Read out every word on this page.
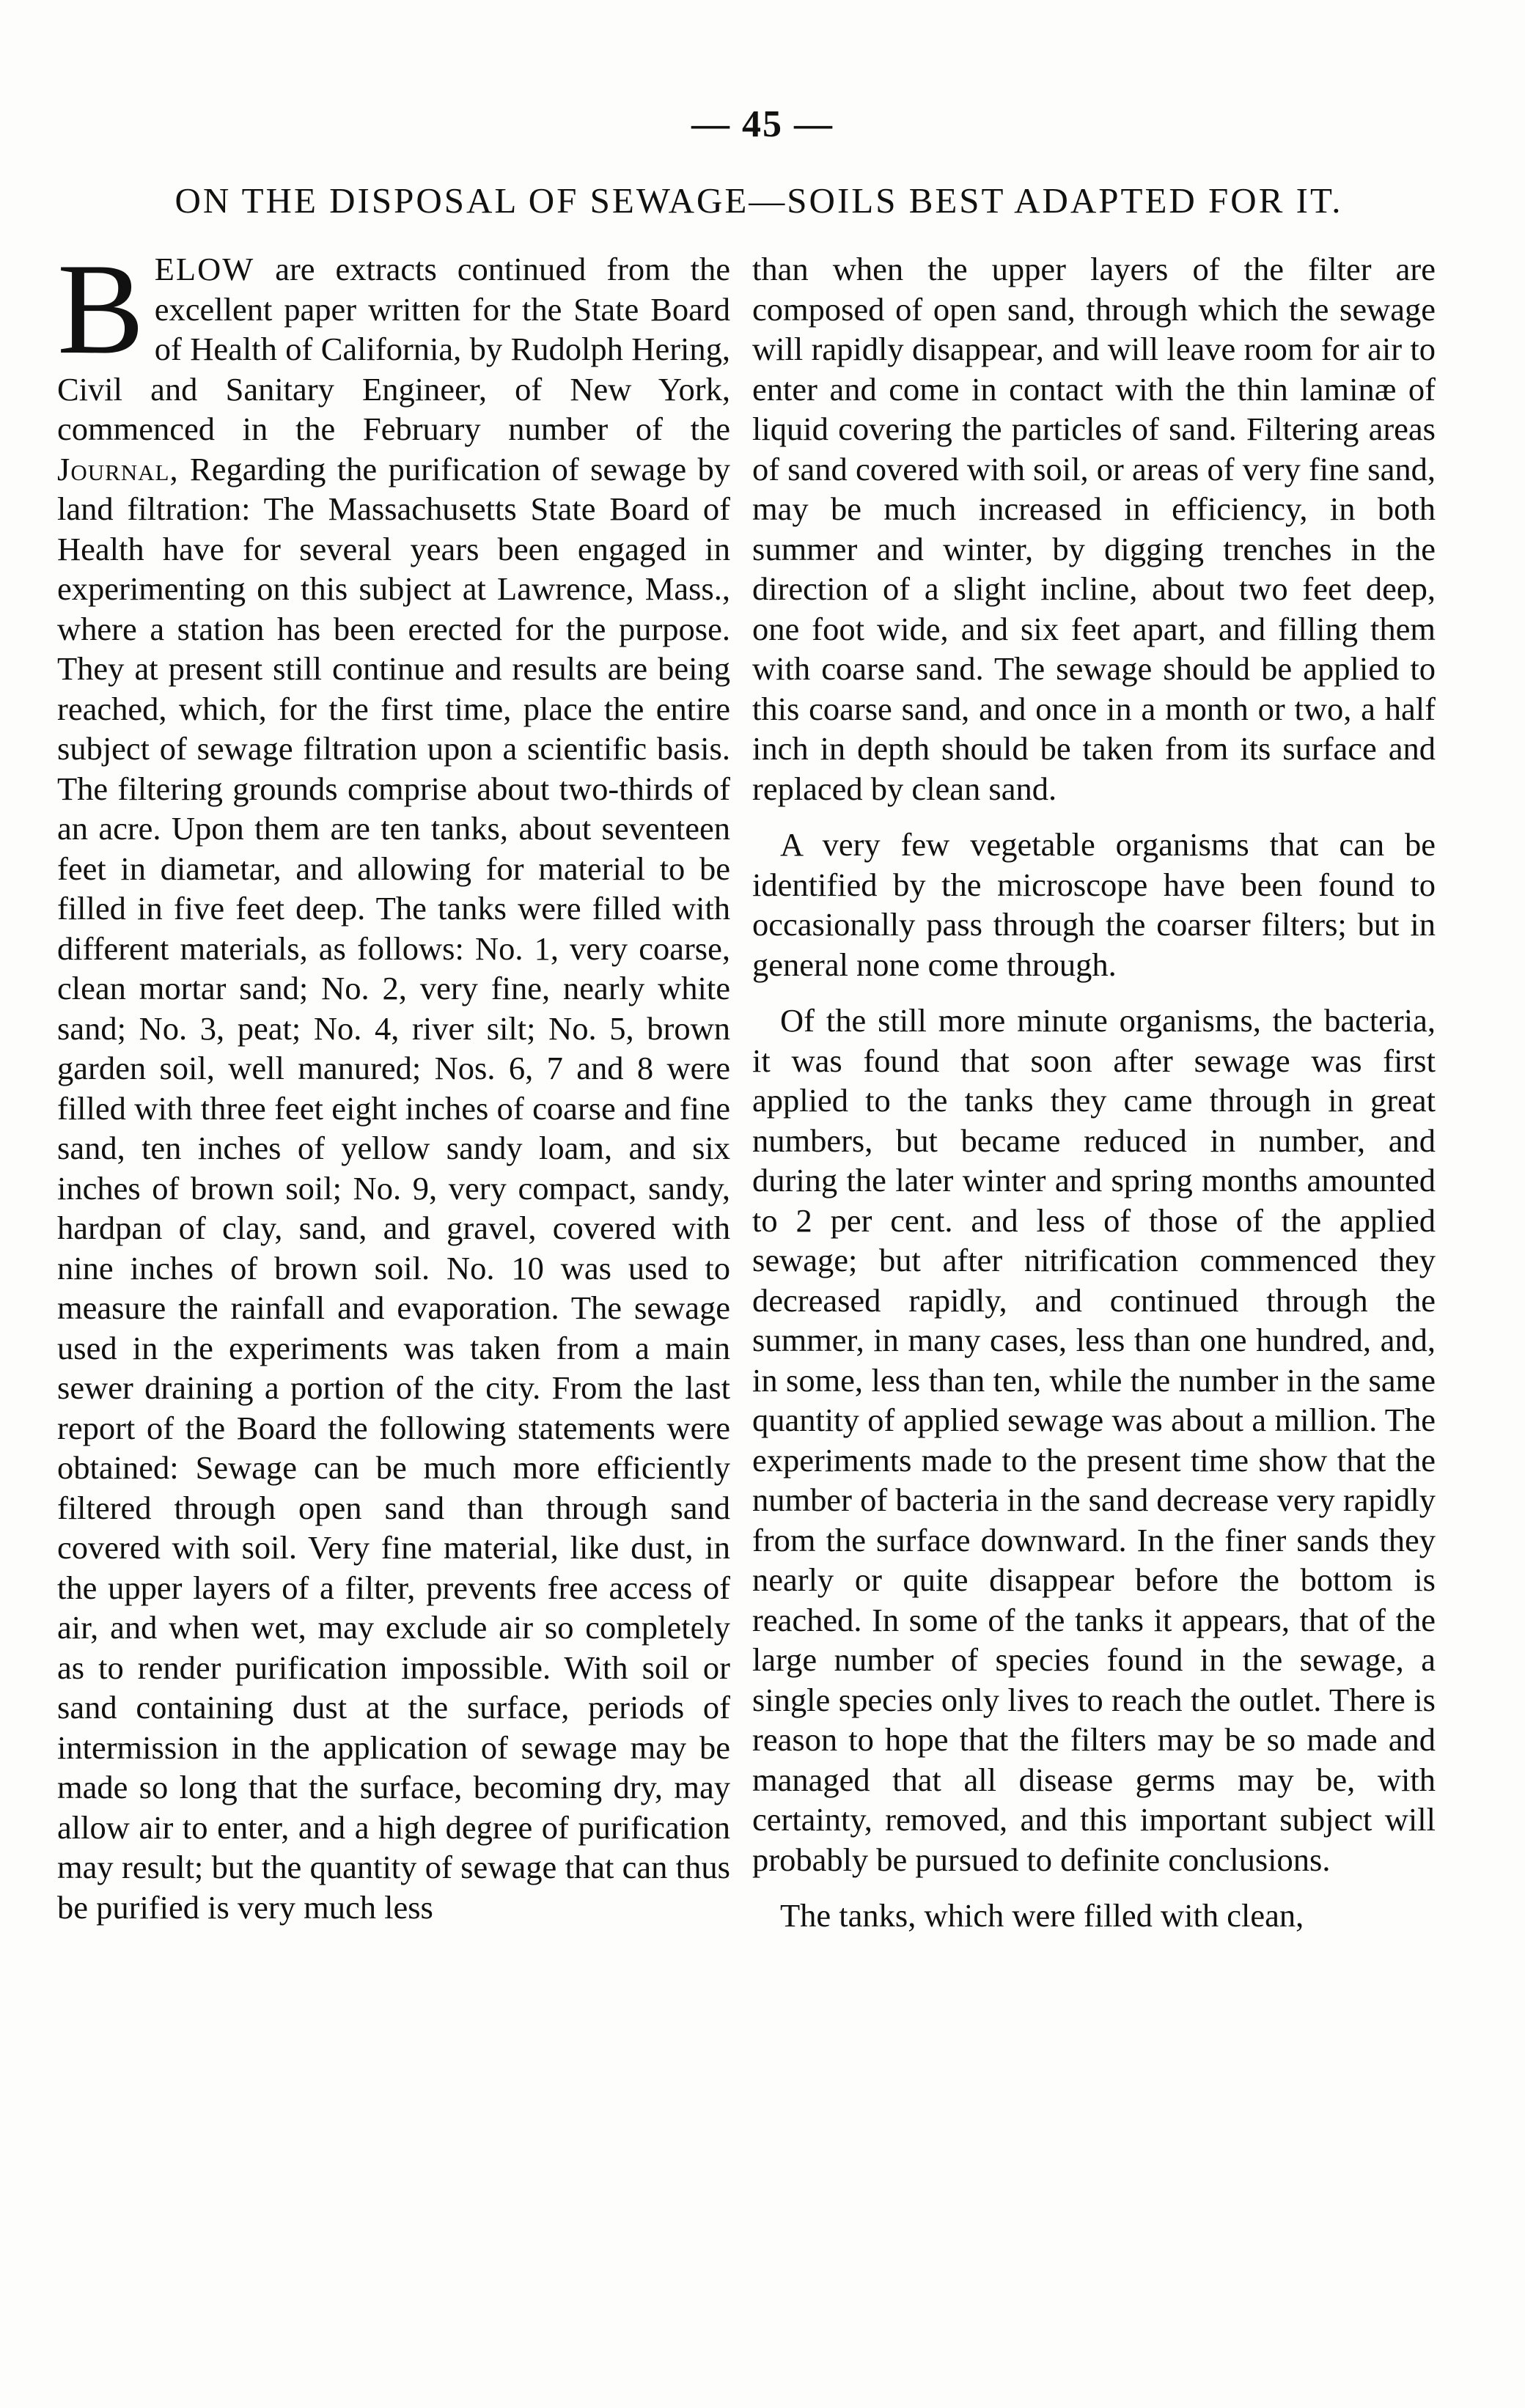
— 45 —
ON THE DISPOSAL OF SEWAGE—SOILS BEST ADAPTED FOR IT.

BELOW are extracts continued from the excellent paper written for the State Board of Health of California, by Rudolph Hering, Civil and Sanitary Engineer, of New York, commenced in the February number of the Journal, Regarding the purification of sewage by land filtration: The Massachusetts State Board of Health have for several years been engaged in experimenting on this subject at Lawrence, Mass., where a station has been erected for the purpose. They at present still continue and results are being reached, which, for the first time, place the entire subject of sewage filtration upon a scientific basis. The filtering grounds comprise about two-thirds of an acre. Upon them are ten tanks, about seventeen feet in diametar, and allowing for material to be filled in five feet deep. The tanks were filled with different materials, as follows: No. 1, very coarse, clean mortar sand; No. 2, very fine, nearly white sand; No. 3, peat; No. 4, river silt; No. 5, brown garden soil, well manured; Nos. 6, 7 and 8 were filled with three feet eight inches of coarse and fine sand, ten inches of yellow sandy loam, and six inches of brown soil; No. 9, very compact, sandy, hardpan of clay, sand, and gravel, covered with nine inches of brown soil. No. 10 was used to measure the rainfall and evaporation. The sewage used in the experiments was taken from a main sewer draining a portion of the city. From the last report of the Board the following statements were obtained: Sewage can be much more efficiently filtered through open sand than through sand covered with soil. Very fine material, like dust, in the upper layers of a filter, prevents free access of air, and when wet, may exclude air so completely as to render purification impossible. With soil or sand containing dust at the surface, periods of intermission in the application of sewage may be made so long that the surface, becoming dry, may allow air to enter, and a high degree of purification may result; but the quantity of sewage that can thus be purified is very much less

than when the upper layers of the filter are composed of open sand, through which the sewage will rapidly disappear, and will leave room for air to enter and come in contact with the thin laminæ of liquid covering the particles of sand. Filtering areas of sand covered with soil, or areas of very fine sand, may be much increased in efficiency, in both summer and winter, by digging trenches in the direction of a slight incline, about two feet deep, one foot wide, and six feet apart, and filling them with coarse sand. The sewage should be applied to this coarse sand, and once in a month or two, a half inch in depth should be taken from its surface and replaced by clean sand.

A very few vegetable organisms that can be identified by the microscope have been found to occasionally pass through the coarser filters; but in general none come through.

Of the still more minute organisms, the bacteria, it was found that soon after sewage was first applied to the tanks they came through in great numbers, but became reduced in number, and during the later winter and spring months amounted to 2 per cent. and less of those of the applied sewage; but after nitrification commenced they decreased rapidly, and continued through the summer, in many cases, less than one hundred, and, in some, less than ten, while the number in the same quantity of applied sewage was about a million. The experiments made to the present time show that the number of bacteria in the sand decrease very rapidly from the surface downward. In the finer sands they nearly or quite disappear before the bottom is reached. In some of the tanks it appears, that of the large number of species found in the sewage, a single species only lives to reach the outlet. There is reason to hope that the filters may be so made and managed that all disease germs may be, with certainty, removed, and this important subject will probably be pursued to definite conclusions.

The tanks, which were filled with clean,
